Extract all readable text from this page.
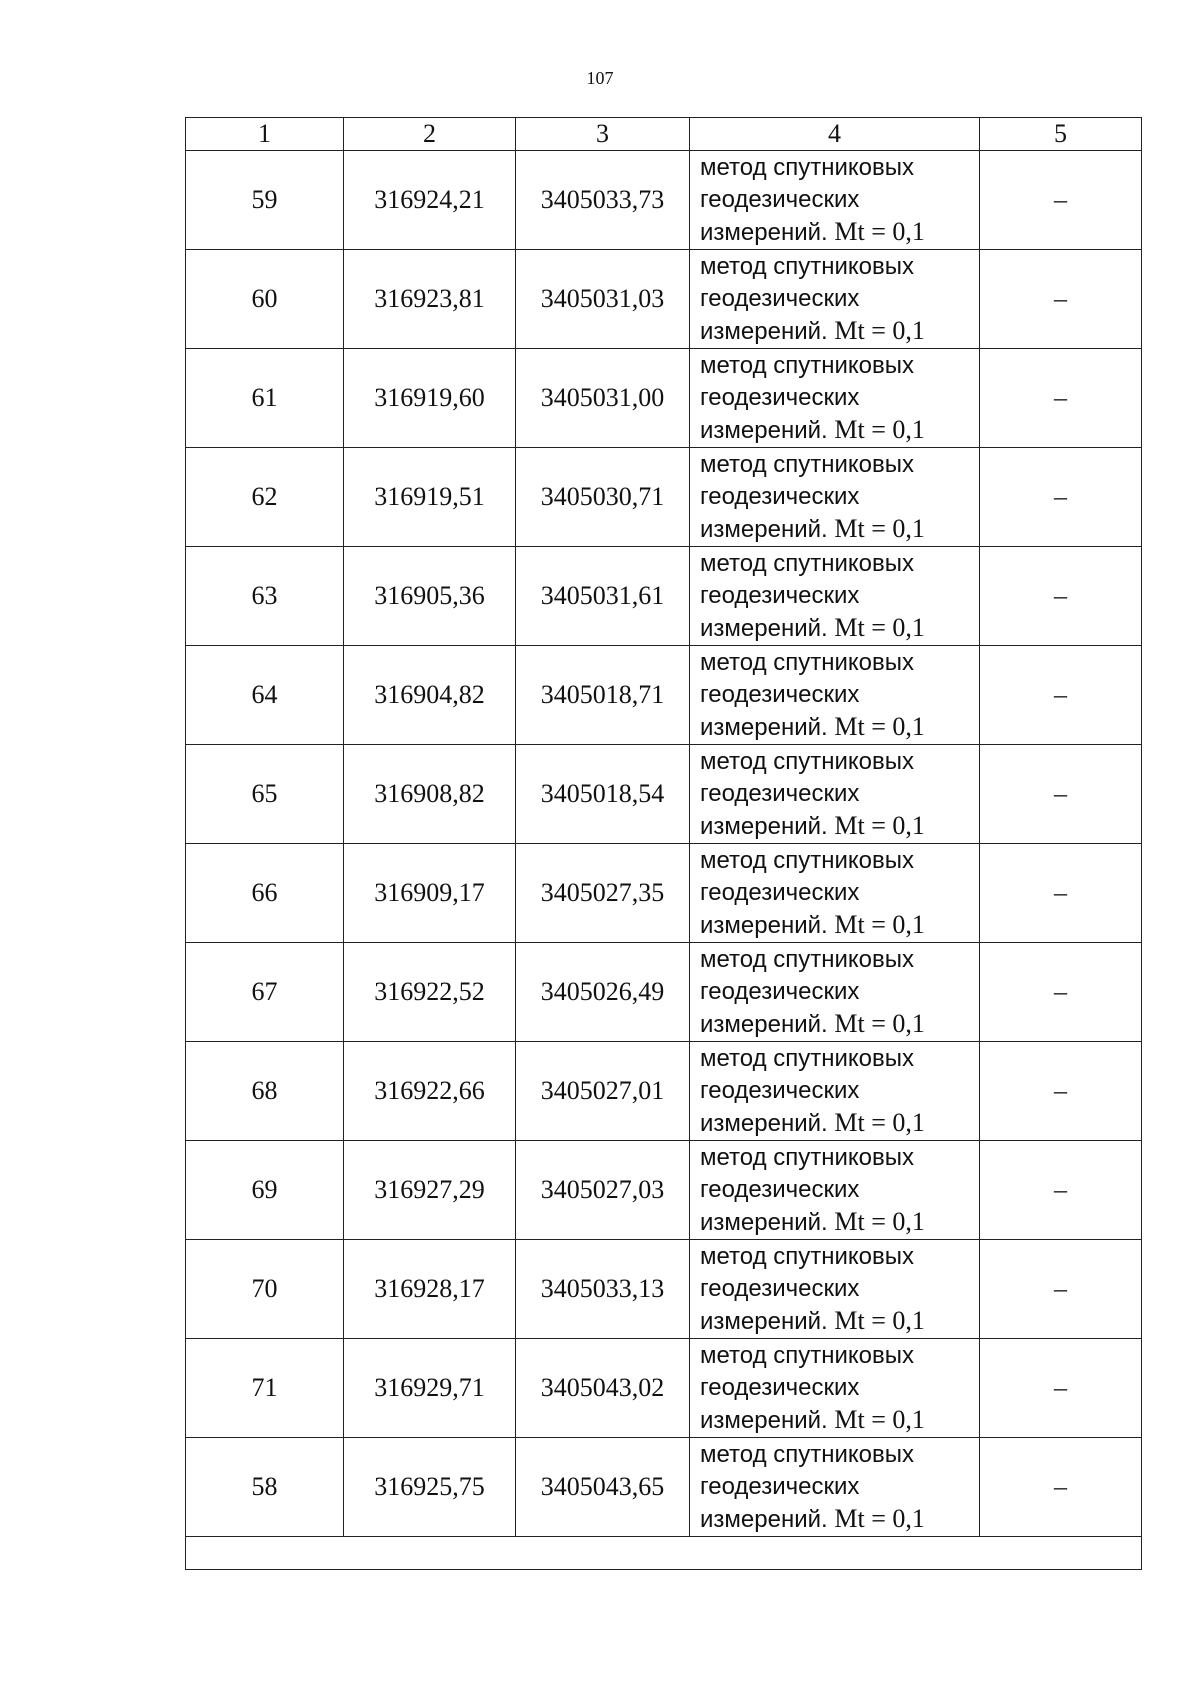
107
1	2	3	4	5
59	316924,21	3405033,73	метод спутниковых
геодезических
измерений. Mt = 0,1	–
60	316923,81	3405031,03	метод спутниковых
геодезических
измерений. Mt = 0,1	–
61	316919,60	3405031,00	метод спутниковых
геодезических
измерений. Mt = 0,1	–
62	316919,51	3405030,71	метод спутниковых
геодезических
измерений. Mt = 0,1	–
63	316905,36	3405031,61	метод спутниковых
геодезических
измерений. Mt = 0,1	–
64	316904,82	3405018,71	метод спутниковых
геодезических
измерений. Mt = 0,1	–
65	316908,82	3405018,54	метод спутниковых
геодезических
измерений. Mt = 0,1	–
66	316909,17	3405027,35	метод спутниковых
геодезических
измерений. Mt = 0,1	–
67	316922,52	3405026,49	метод спутниковых
геодезических
измерений. Mt = 0,1	–
68	316922,66	3405027,01	метод спутниковых
геодезических
измерений. Mt = 0,1	–
69	316927,29	3405027,03	метод спутниковых
геодезических
измерений. Mt = 0,1	–
70	316928,17	3405033,13	метод спутниковых
геодезических
измерений. Mt = 0,1	–
71	316929,71	3405043,02	метод спутниковых
геодезических
измерений. Mt = 0,1	–
58	316925,75	3405043,65	метод спутниковых
геодезических
измерений. Mt = 0,1	–
